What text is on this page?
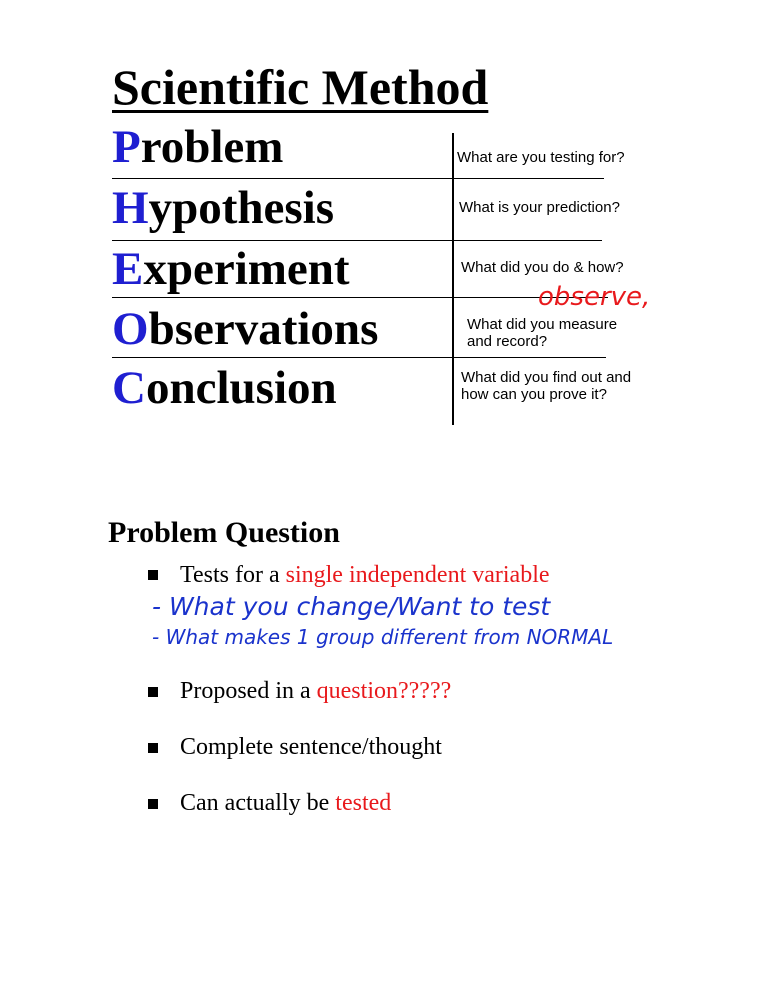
Scientific Method
Problem
Hypothesis
Experiment
Observations
Conclusion
What are you testing for?
What is your prediction?
What did you do & how?
observe,
What did you measure
and record?
What did you find out and
how can you prove it?
Problem Question
Tests for a single independent variable
- What you change/Want to test
- What makes 1 group different from NORMAL
Proposed in a question?????
Complete sentence/thought
Can actually be tested
